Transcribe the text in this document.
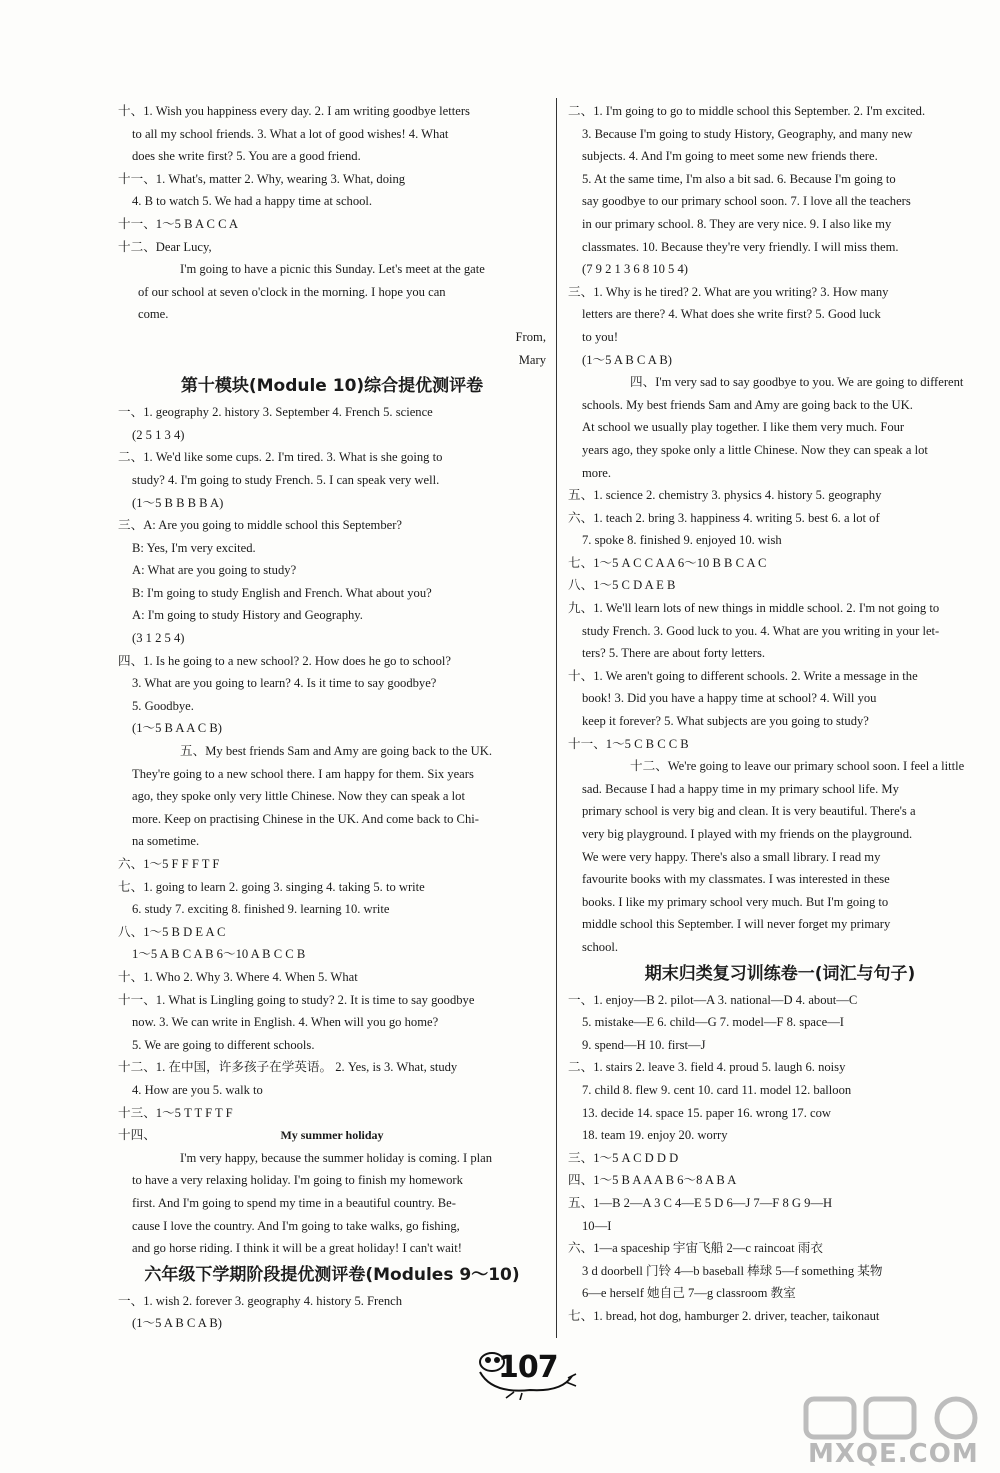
十、1. Wish you happiness every day. 2. I am writing goodbye letters
to all my school friends. 3. What a lot of good wishes! 4. What
does she write first? 5. You are a good friend.
十一、1. What's, matter 2. Why, wearing 3. What, doing
4. B to watch 5. We had a happy time at school.
十一、1～5 B A C C A
十二、Dear Lucy,
I'm going to have a picnic this Sunday. Let's meet at the gate
of our school at seven o'clock in the morning. I hope you can
come.
From,
Mary
第十模块(Module 10)综合提优测评卷
一、1. geography 2. history 3. September 4. French 5. science
(2 5 1 3 4)
二、1. We'd like some cups. 2. I'm tired. 3. What is she going to
study? 4. I'm going to study French. 5. I can speak very well.
(1～5 B B B B A)
三、A: Are you going to middle school this September?
B: Yes, I'm very excited.
A: What are you going to study?
B: I'm going to study English and French. What about you?
A: I'm going to study History and Geography.
(3 1 2 5 4)
四、1. Is he going to a new school? 2. How does he go to school?
3. What are you going to learn? 4. Is it time to say goodbye?
5. Goodbye.
(1～5 B A A C B)
五、My best friends Sam and Amy are going back to the UK.
They're going to a new school there. I am happy for them. Six years
ago, they spoke only very little Chinese. Now they can speak a lot
more. Keep on practising Chinese in the UK. And come back to Chi-
na sometime.
六、1～5 F F F T F
七、1. going to learn 2. going 3. singing 4. taking 5. to write
6. study 7. exciting 8. finished 9. learning 10. write
八、1～5 B D E A C
1～5 A B C A B 6～10 A B C C B
十、1. Who 2. Why 3. Where 4. When 5. What
十一、1. What is Lingling going to study? 2. It is time to say goodbye
now. 3. We can write in English. 4. When will you go home?
5. We are going to different schools.
十二、1. 在中国，许多孩子在学英语。 2. Yes, is 3. What, study
4. How are you 5. walk to
十三、1～5 T T F T F
十四、	My summer holiday
I'm very happy, because the summer holiday is coming. I plan
to have a very relaxing holiday. I'm going to finish my homework
first. And I'm going to spend my time in a beautiful country. Be-
cause I love the country. And I'm going to take walks, go fishing,
and go horse riding. I think it will be a great holiday! I can't wait!
六年级下学期阶段提优测评卷(Modules 9～10)
一、1. wish 2. forever 3. geography 4. history 5. French
(1～5 A B C A B)
二、1. I'm going to go to middle school this September. 2. I'm excited.
3. Because I'm going to study History, Geography, and many new
subjects. 4. And I'm going to meet some new friends there.
5. At the same time, I'm also a bit sad. 6. Because I'm going to
say goodbye to our primary school soon. 7. I love all the teachers
in our primary school. 8. They are very nice. 9. I also like my
classmates. 10. Because they're very friendly. I will miss them.
(7 9 2 1 3 6 8 10 5 4)
三、1. Why is he tired? 2. What are you writing? 3. How many
letters are there? 4. What does she write first? 5. Good luck
to you!
(1～5 A B C A B)
四、I'm very sad to say goodbye to you. We are going to different
schools. My best friends Sam and Amy are going back to the UK.
At school we usually play together. I like them very much. Four
years ago, they spoke only a little Chinese. Now they can speak a lot
more.
五、1. science 2. chemistry 3. physics 4. history 5. geography
六、1. teach 2. bring 3. happiness 4. writing 5. best 6. a lot of
7. spoke 8. finished 9. enjoyed 10. wish
七、1～5 A C C A A 6～10 B B C A C
八、1～5 C D A E B
九、1. We'll learn lots of new things in middle school. 2. I'm not going to
study French. 3. Good luck to you. 4. What are you writing in your let-
ters? 5. There are about forty letters.
十、1. We aren't going to different schools. 2. Write a message in the
book! 3. Did you have a happy time at school? 4. Will you
keep it forever? 5. What subjects are you going to study?
十一、1～5 C B C C B
十二、We're going to leave our primary school soon. I feel a little
sad. Because I had a happy time in my primary school life. My
primary school is very big and clean. It is very beautiful. There's a
very big playground. I played with my friends on the playground.
We were very happy. There's also a small library. I read my
favourite books with my classmates. I was interested in these
books. I like my primary school very much. But I'm going to
middle school this September. I will never forget my primary
school.
期末归类复习训练卷一(词汇与句子)
一、1. enjoy—B 2. pilot—A 3. national—D 4. about—C
5. mistake—E 6. child—G 7. model—F 8. space—I
9. spend—H 10. first—J
二、1. stairs 2. leave 3. field 4. proud 5. laugh 6. noisy
7. child 8. flew 9. cent 10. card 11. model 12. balloon
13. decide 14. space 15. paper 16. wrong 17. cow
18. team 19. enjoy 20. worry
三、1～5 A C D D D
四、1～5 B A A A B 6～8 A B A
五、1—B 2—A 3 C 4—E 5 D 6—J 7—F 8 G 9—H
10—I
六、1—a spaceship 宇宙飞船 2—c raincoat 雨衣
3 d doorbell 门铃 4—b baseball 棒球 5—f something 某物
6—e herself 她自己 7—g classroom 教室
七、1. bread, hot dog, hamburger 2. driver, teacher, taikonaut
107
MXQE.COM
